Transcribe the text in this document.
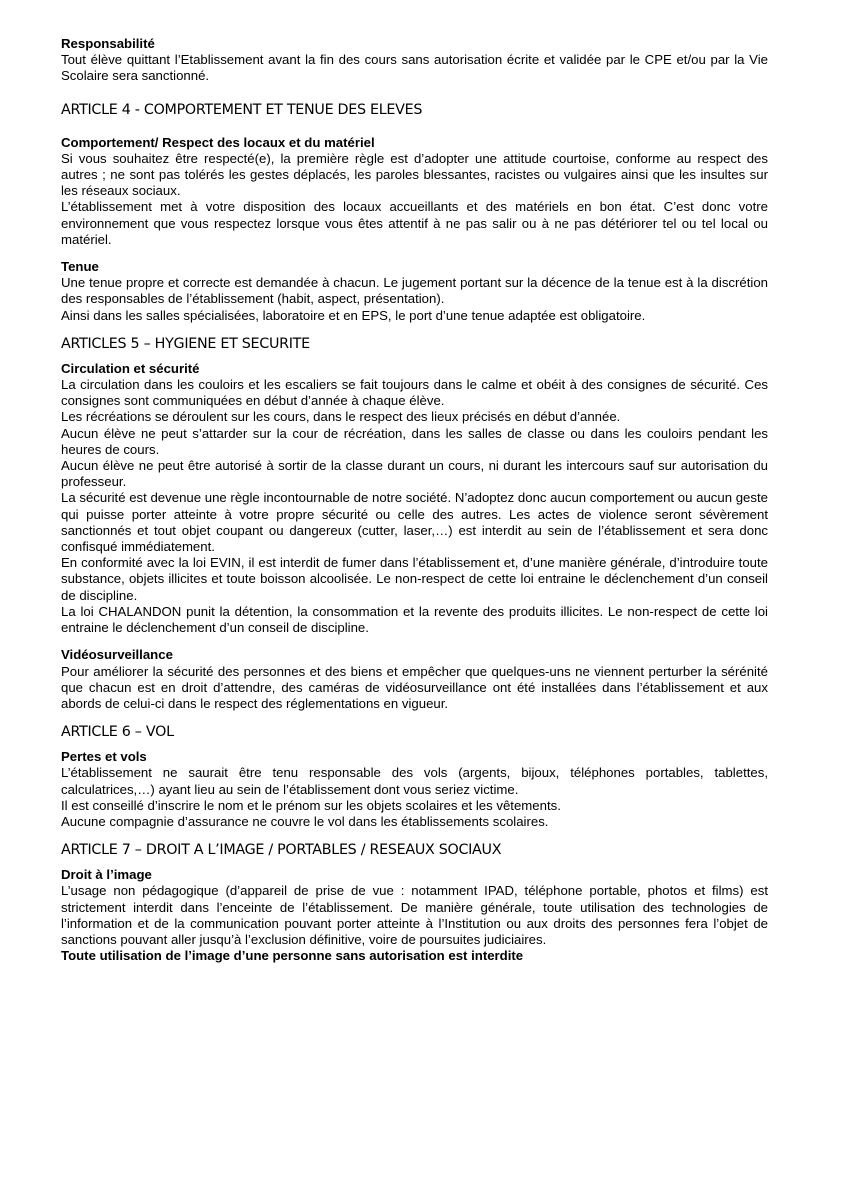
Responsabilité

Tout élève quittant l’Etablissement avant la fin des cours sans autorisation écrite et validée par le CPE et/ou par la Vie Scolaire sera sanctionné.

ARTICLE 4 - COMPORTEMENT ET TENUE DES ELEVES
Comportement/ Respect des locaux et du matériel

Si vous souhaitez être respecté(e), la première règle est d’adopter une attitude courtoise, conforme au respect des autres ; ne sont pas tolérés les gestes déplacés, les paroles blessantes, racistes ou vulgaires ainsi que les insultes sur les réseaux sociaux.

L’établissement met à votre disposition des locaux accueillants et des matériels en bon état. C’est donc votre environnement que vous respectez lorsque vous êtes attentif à ne pas salir ou à ne pas détériorer tel ou tel local ou matériel.

Tenue

Une tenue propre et correcte est demandée à chacun. Le jugement portant sur la décence de la tenue est à la discrétion des responsables de l’établissement (habit, aspect, présentation).

Ainsi dans les salles spécialisées, laboratoire et en EPS, le port d’une tenue adaptée est obligatoire.

ARTICLES 5 – HYGIENE ET SECURITE
Circulation et sécurité

La circulation dans les couloirs et les escaliers se fait toujours dans le calme et obéit à des consignes de sécurité. Ces consignes sont communiquées en début d’année à chaque élève.

Les récréations se déroulent sur les cours, dans le respect des lieux précisés en début d’année.

Aucun élève ne peut s’attarder sur la cour de récréation, dans les salles de classe ou dans les couloirs pendant les heures de cours.

Aucun élève ne peut être autorisé à sortir de la classe durant un cours, ni durant les intercours sauf sur autorisation du professeur.

La sécurité est devenue une règle incontournable de notre société. N’adoptez donc aucun comportement ou aucun geste qui puisse porter atteinte à votre propre sécurité ou celle des autres. Les actes de violence seront sévèrement sanctionnés et tout objet coupant ou dangereux (cutter, laser,…) est interdit au sein de l’établissement et sera donc confisqué immédiatement.

En conformité avec la loi EVIN, il est interdit de fumer dans l’établissement et, d’une manière générale, d’introduire toute substance, objets illicites et toute boisson alcoolisée. Le non-respect de cette loi entraine le déclenchement d’un conseil de discipline.

La loi CHALANDON punit la détention, la consommation et la revente des produits illicites. Le non-respect de cette loi entraine le déclenchement d’un conseil de discipline.

Vidéosurveillance

Pour améliorer la sécurité des personnes et des biens et empêcher que quelques-uns ne viennent perturber la sérénité que chacun est en droit d’attendre, des caméras de vidéosurveillance ont été installées dans l’établissement et aux abords de celui-ci dans le respect des réglementations en vigueur.

ARTICLE 6 – VOL
Pertes et vols

L’établissement ne saurait être tenu responsable des vols (argents, bijoux, téléphones portables, tablettes, calculatrices,…) ayant lieu au sein de l’établissement dont vous seriez victime.

Il est conseillé d’inscrire le nom et le prénom sur les objets scolaires et les vêtements.

Aucune compagnie d’assurance ne couvre le vol dans les établissements scolaires.

ARTICLE 7 – DROIT A L’IMAGE / PORTABLES / RESEAUX SOCIAUX
Droit à l’image

L’usage non pédagogique (d’appareil de prise de vue : notamment IPAD, téléphone portable, photos et films) est strictement interdit dans l’enceinte de l’établissement. De manière générale, toute utilisation des technologies de l’information et de la communication pouvant porter atteinte à l’Institution ou aux droits des personnes fera l’objet de sanctions pouvant aller jusqu’à l’exclusion définitive, voire de poursuites judiciaires.

Toute utilisation de l’image d’une personne sans autorisation est interdite
